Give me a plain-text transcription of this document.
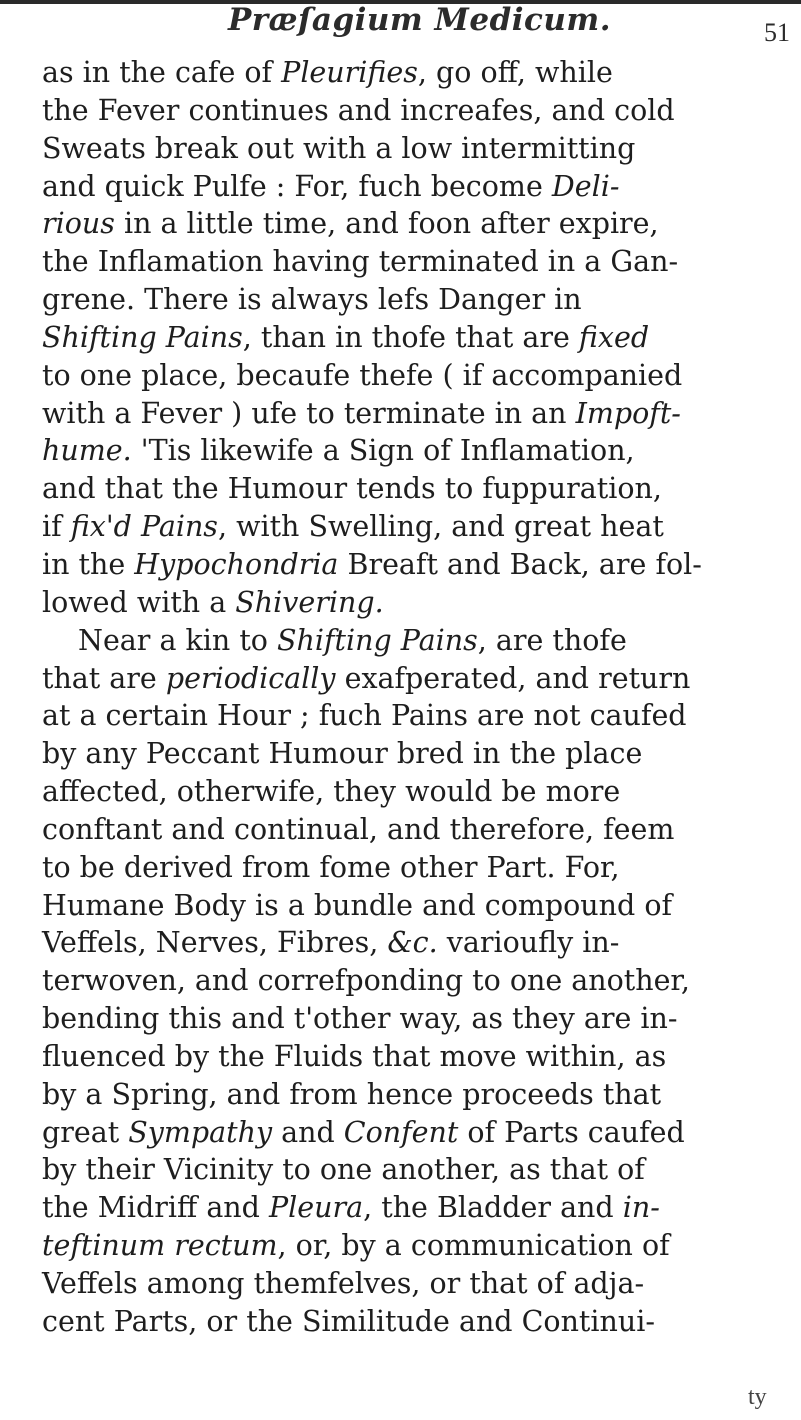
Præſagium Medicum.	51
as in the cafe of Pleurifies, go off, while
the Fever continues and increafes, and cold
Sweats break out with a low intermitting
and quick Pulfe : For, fuch become Deli-
rious in a little time, and foon after expire,
the Inflamation having terminated in a Gan-
grene. There is always lefs Danger in
Shifting Pains, than in thofe that are fixed
to one place, becaufe thefe ( if accompanied
with a Fever ) ufe to terminate in an Impoft-
hume. 'Tis likewife a Sign of Inflamation,
and that the Humour tends to fuppuration,
if fix'd Pains, with Swelling, and great heat
in the Hypochondria Breaft and Back, are fol-
lowed with a Shivering.
Near a kin to Shifting Pains, are thofe
that are periodically exafperated, and return
at a certain Hour ; fuch Pains are not caufed
by any Peccant Humour bred in the place
affected, otherwife, they would be more
conftant and continual, and therefore, feem
to be derived from fome other Part. For,
Humane Body is a bundle and compound of
Veffels, Nerves, Fibres, &c. varioufly in-
terwoven, and correfponding to one another,
bending this and t'other way, as they are in-
fluenced by the Fluids that move within, as
by a Spring, and from hence proceeds that
great Sympathy and Confent of Parts caufed
by their Vicinity to one another, as that of
the Midriff and Pleura, the Bladder and in-
teftinum rectum, or, by a communication of
Veffels among themfelves, or that of adja-
cent Parts, or the Similitude and Continui-
ty
